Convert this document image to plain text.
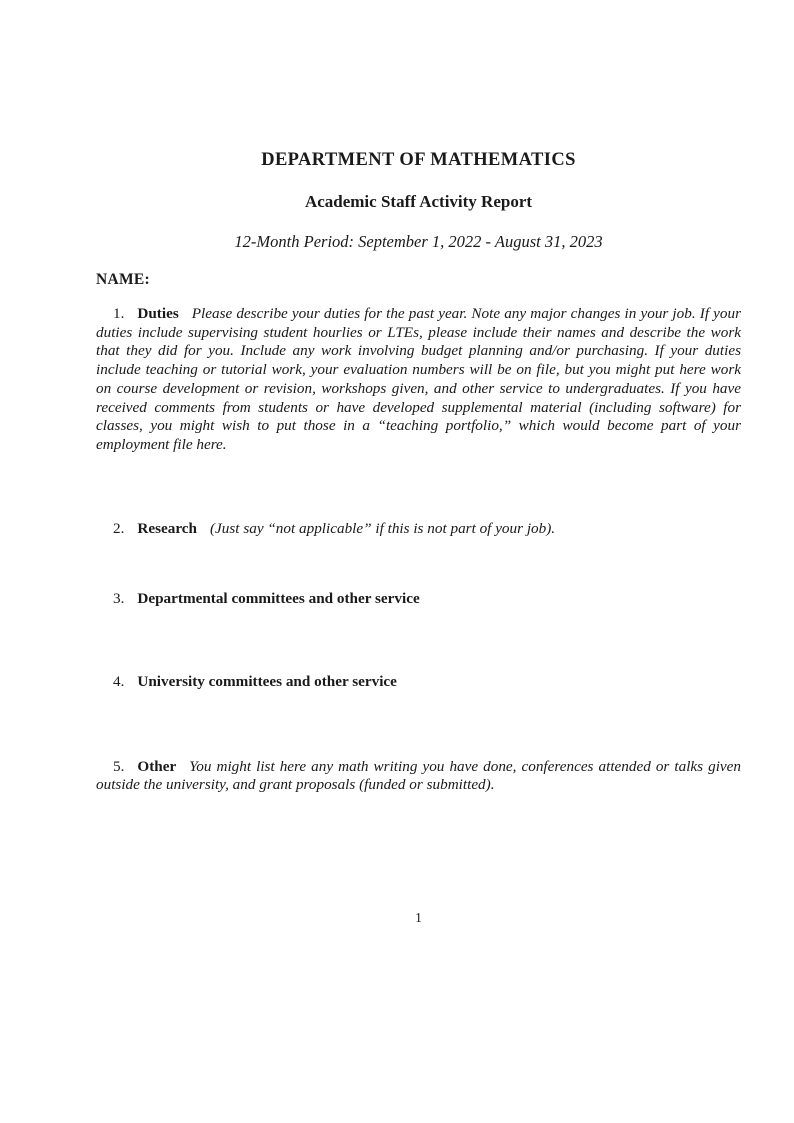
DEPARTMENT OF MATHEMATICS
Academic Staff Activity Report

12-Month Period: September 1, 2022 - August 31, 2023

NAME:

1. Duties Please describe your duties for the past year. Note any major changes in your job. If your duties include supervising student hourlies or LTEs, please include their names and describe the work that they did for you. Include any work involving budget planning and/or purchasing. If your duties include teaching or tutorial work, your evaluation numbers will be on file, but you might put here work on course development or revision, workshops given, and other service to undergraduates. If you have received comments from students or have developed supplemental material (including software) for classes, you might wish to put those in a “teaching portfolio,” which would become part of your employment file here.

2. Research (Just say “not applicable” if this is not part of your job).

3. Departmental committees and other service

4. University committees and other service

5. Other You might list here any math writing you have done, conferences attended or talks given outside the university, and grant proposals (funded or submitted).

1
